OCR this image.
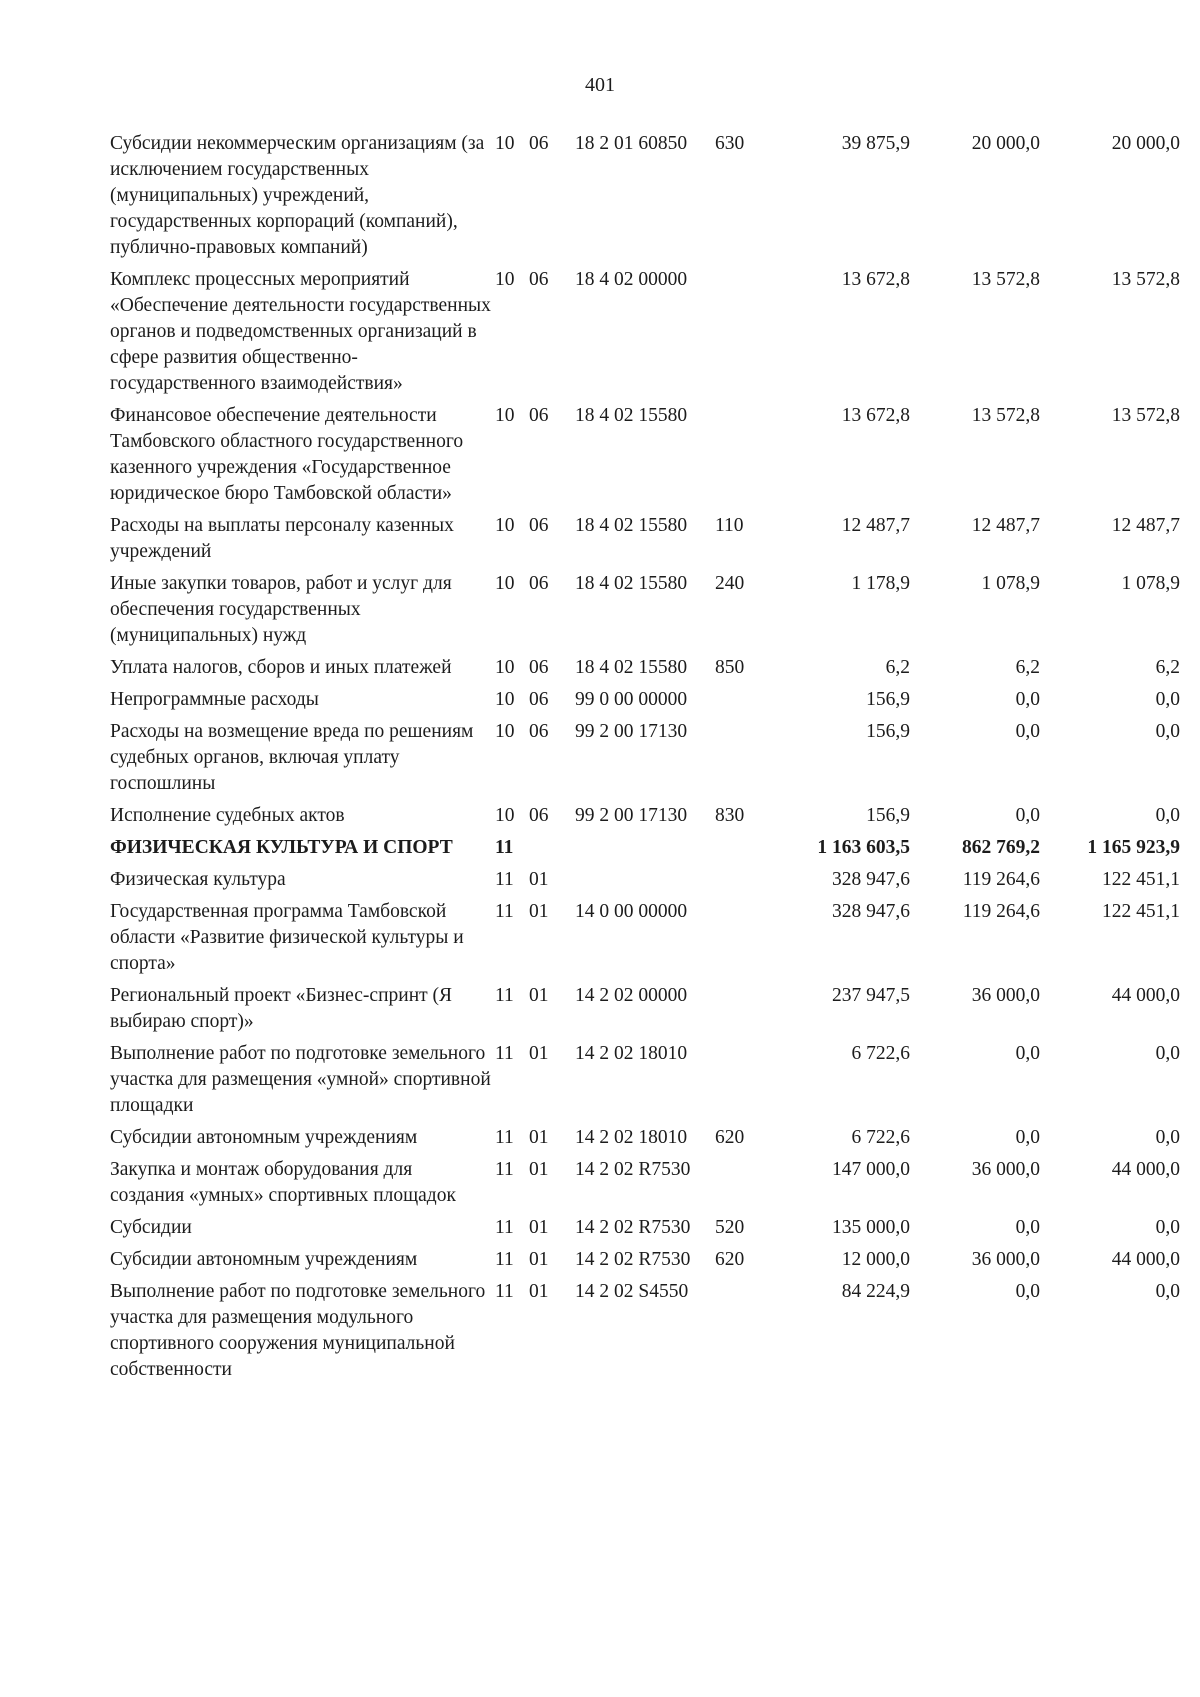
401
Субсидии некоммерческим организациям (за исключением государственных (муниципальных) учреждений, государственных корпораций (компаний), публично-правовых компаний)	10	06	18 2 01 60850	630	39 875,9	20 000,0	20 000,0
Комплекс процессных мероприятий «Обеспечение деятельности государственных органов и подведомственных организаций в сфере развития общественно-государственного взаимодействия»	10	06	18 4 02 00000		13 672,8	13 572,8	13 572,8
Финансовое обеспечение деятельности Тамбовского областного государственного казенного учреждения «Государственное юридическое бюро Тамбовской области»	10	06	18 4 02 15580		13 672,8	13 572,8	13 572,8
Расходы на выплаты персоналу казенных учреждений	10	06	18 4 02 15580	110	12 487,7	12 487,7	12 487,7
Иные закупки товаров, работ и услуг для обеспечения государственных (муниципальных) нужд	10	06	18 4 02 15580	240	1 178,9	1 078,9	1 078,9
Уплата налогов, сборов и иных платежей	10	06	18 4 02 15580	850	6,2	6,2	6,2
Непрограммные расходы	10	06	99 0 00 00000		156,9	0,0	0,0
Расходы на возмещение вреда по решениям судебных органов, включая уплату госпошлины	10	06	99 2 00 17130		156,9	0,0	0,0
Исполнение судебных актов	10	06	99 2 00 17130	830	156,9	0,0	0,0
ФИЗИЧЕСКАЯ КУЛЬТУРА И СПОРТ	11				1 163 603,5	862 769,2	1 165 923,9
Физическая культура	11	01			328 947,6	119 264,6	122 451,1
Государственная программа Тамбовской области «Развитие физической культуры и спорта»	11	01	14 0 00 00000		328 947,6	119 264,6	122 451,1
Региональный проект «Бизнес-спринт (Я выбираю спорт)»	11	01	14 2 02 00000		237 947,5	36 000,0	44 000,0
Выполнение работ по подготовке земельного участка для размещения «умной» спортивной площадки	11	01	14 2 02 18010		6 722,6	0,0	0,0
Субсидии автономным учреждениям	11	01	14 2 02 18010	620	6 722,6	0,0	0,0
Закупка и монтаж оборудования для создания «умных» спортивных площадок	11	01	14 2 02 R7530		147 000,0	36 000,0	44 000,0
Субсидии	11	01	14 2 02 R7530	520	135 000,0	0,0	0,0
Субсидии автономным учреждениям	11	01	14 2 02 R7530	620	12 000,0	36 000,0	44 000,0
Выполнение работ по подготовке земельного участка для размещения модульного спортивного сооружения муниципальной собственности	11	01	14 2 02 S4550		84 224,9	0,0	0,0
